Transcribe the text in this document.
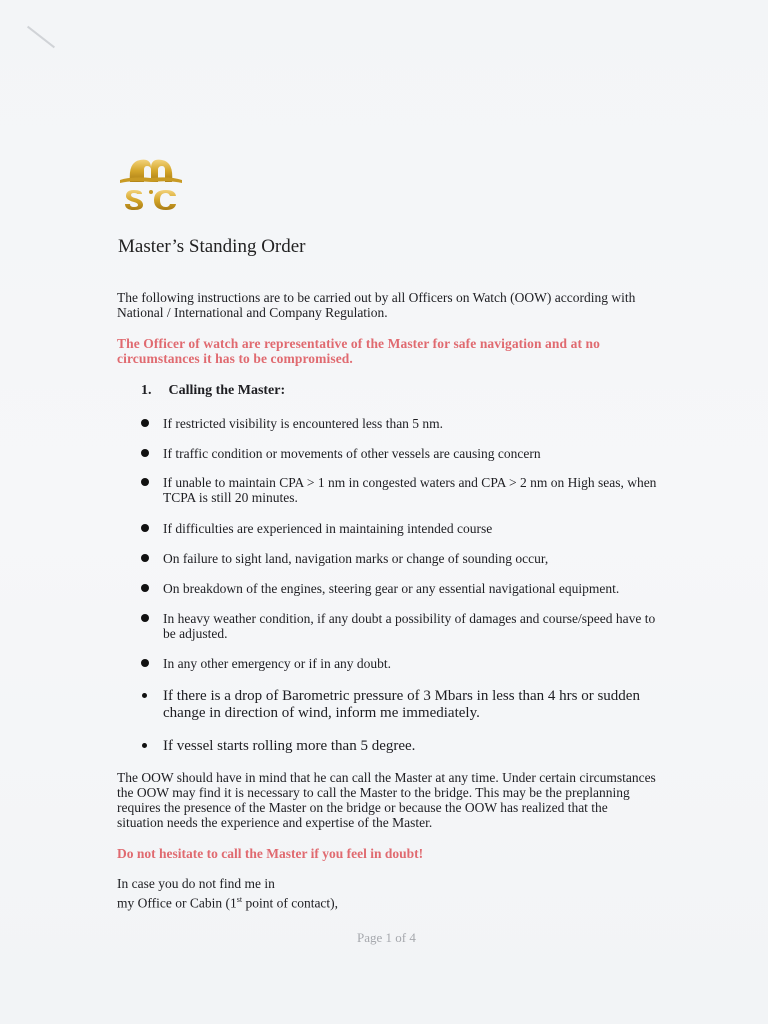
Master’s Standing Order
The following instructions are to be carried out by all Officers on Watch (OOW) according with National / International and Company Regulation.
The Officer of watch are representative of the Master for safe navigation and at no circumstances it has to be compromised.
1. Calling the Master:
If restricted visibility is encountered less than 5 nm.
If traffic condition or movements of other vessels are causing concern
If unable to maintain CPA > 1 nm in congested waters and CPA > 2 nm on High seas, when TCPA is still 20 minutes.
If difficulties are experienced in maintaining intended course
On failure to sight land, navigation marks or change of sounding occur,
On breakdown of the engines, steering gear or any essential navigational equipment.
In heavy weather condition, if any doubt a possibility of damages and course/speed have to be adjusted.
In any other emergency or if in any doubt.
If there is a drop of Barometric pressure of 3 Mbars in less than 4 hrs or sudden change in direction of wind, inform me immediately.
If vessel starts rolling more than 5 degree.
The OOW should have in mind that he can call the Master at any time. Under certain circumstances the OOW may find it is necessary to call the Master to the bridge. This may be the preplanning requires the presence of the Master on the bridge or because the OOW has realized that the situation needs the experience and expertise of the Master.
Do not hesitate to call the Master if you feel in doubt!
In case you do not find me in
my Office or Cabin (1st point of contact),
Page 1 of 4
